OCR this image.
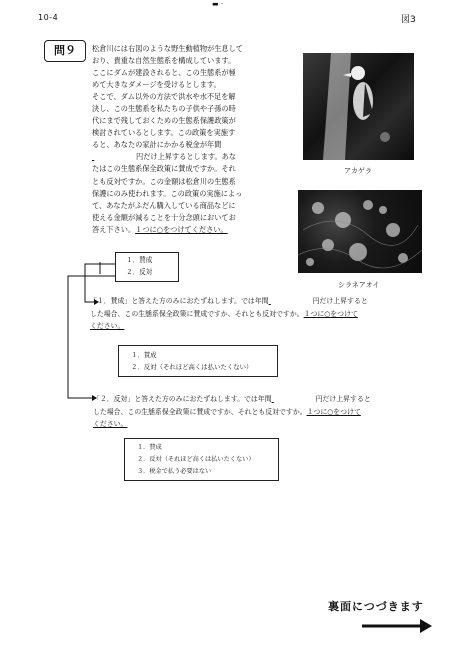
▬ ·
10-4	図3
問９	松倉川には右図のような野生動植物が生息して
おり、貴重な自然生態系を構成しています。
ここにダムが建設されると、この生態系が極
めて大きなダメージを受けるとします。
そこで、ダム以外の方法で洪水や水不足を解
決し、この生態系を私たちの子供や子孫の時
代にまで残しておくための生態系保護政策が
検討されているとします。この政策を実施す
ると、あなたの家計にかかる税金が年間
円だけ上昇するとします。あな
たはこの生態系保全政策に賛成ですか。それ
とも反対ですか。この金額は松倉川の生態系
保護にのみ使われます。この政策の実施によっ
て、あなたがふだん購入している商品などに
使える金額が減ることを十分念頭においてお
答え下さい。１つに○をつけてください。
アカゲラ
シラネアオイ
１．賛成
２．反対
「１．賛成」と答えた方のみにおたずねします。では年間	円だけ上昇すると
した場合、この生態系保全政策に賛成ですか、それとも反対ですか。１つに○をつけて
ください。
１．賛成
２．反対（それほど高くは払いたくない）
「２．反対」と答えた方のみにおたずねします。では年間	円だけ上昇すると
した場合、この生態系保全政策に賛成ですか、それとも反対ですか。１つに○をつけて
ください。
１．賛成
２．反対（それほど高くは払いたくない）
３．税金で払う必要はない
裏面につづきます
